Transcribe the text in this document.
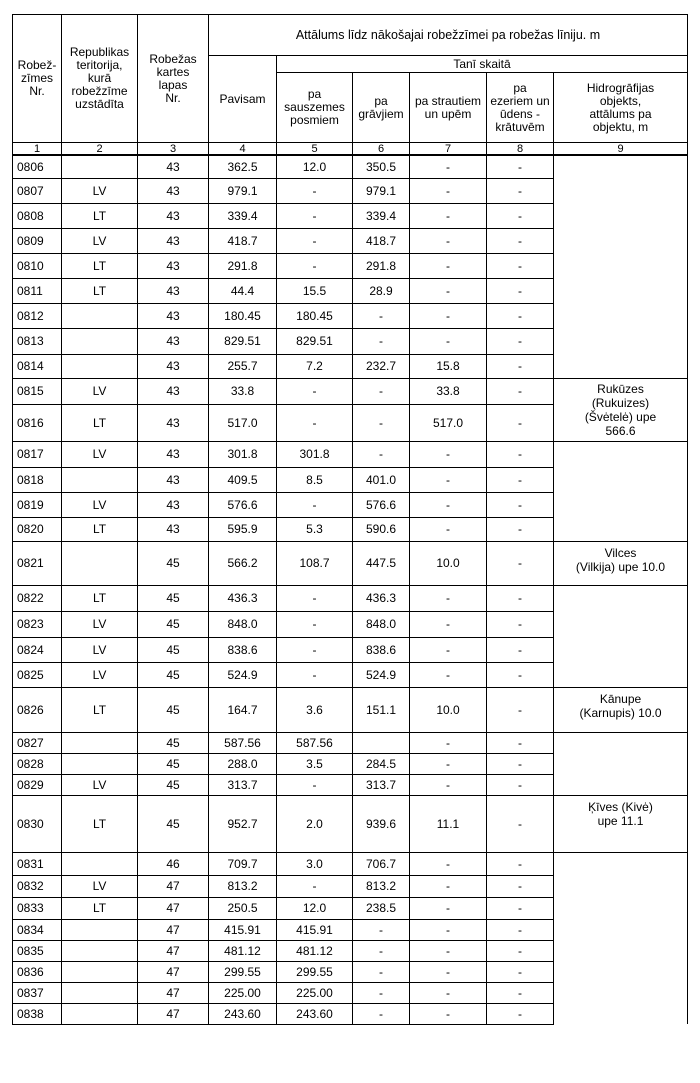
Robež-
zīmes
Nr.	Republikas
teritorija,
kurā
robežzīme
uzstādīta	Robežas
kartes
lapas
Nr.	Attālums līdz nākošajai robežzīmei pa robežas līniju. m					
			Pavisam	Tanī skaitā				
				pa
sauszemes
posmiem	pa
grāvjiem	pa strautiem
un upēm	pa
ezeriem un
ūdens -
krātuvēm	Hidrogrāfijas
objekts,
attālums pa
objektu, m
1	2	3	4	5	6	7	8	9
0806		43	362.5	12.0	350.5	-	-	
0807	LV	43	979.1	-	979.1	-	-	
0808	LT	43	339.4	-	339.4	-	-	
0809	LV	43	418.7	-	418.7	-	-	
0810	LT	43	291.8	-	291.8	-	-	
0811	LT	43	44.4	15.5	28.9	-	-	
0812		43	180.45	180.45	-	-	-	
0813		43	829.51	829.51	-	-	-	
0814		43	255.7	7.2	232.7	15.8	-	
0815	LV	43	33.8	-	-	33.8	-	Rukūzes
(Rukuizes)
(Švėtelė) upe
566.6
0816	LT	43	517.0	-	-	517.0	-	
0817	LV	43	301.8	301.8	-	-	-	
0818		43	409.5	8.5	401.0	-	-	
0819	LV	43	576.6	-	576.6	-	-	
0820	LT	43	595.9	5.3	590.6	-	-	
0821		45	566.2	108.7	447.5	10.0	-	Vilces
(Vilkija) upe 10.0
0822	LT	45	436.3	-	436.3	-	-	
0823	LV	45	848.0	-	848.0	-	-	
0824	LV	45	838.6	-	838.6	-	-	
0825	LV	45	524.9	-	524.9	-	-	
0826	LT	45	164.7	3.6	151.1	10.0	-	Kānupe
(Karnupis) 10.0
0827		45	587.56	587.56		-	-	
0828		45	288.0	3.5	284.5	-	-	
0829	LV	45	313.7	-	313.7	-	-	
0830	LT	45	952.7	2.0	939.6	11.1	-	Ķīves (Kivė)
upe 11.1
0831		46	709.7	3.0	706.7	-	-	
0832	LV	47	813.2	-	813.2	-	-	
0833	LT	47	250.5	12.0	238.5	-	-	
0834		47	415.91	415.91	-	-	-	
0835		47	481.12	481.12	-	-	-	
0836		47	299.55	299.55	-	-	-	
0837		47	225.00	225.00	-	-	-	
0838		47	243.60	243.60	-	-	-	
